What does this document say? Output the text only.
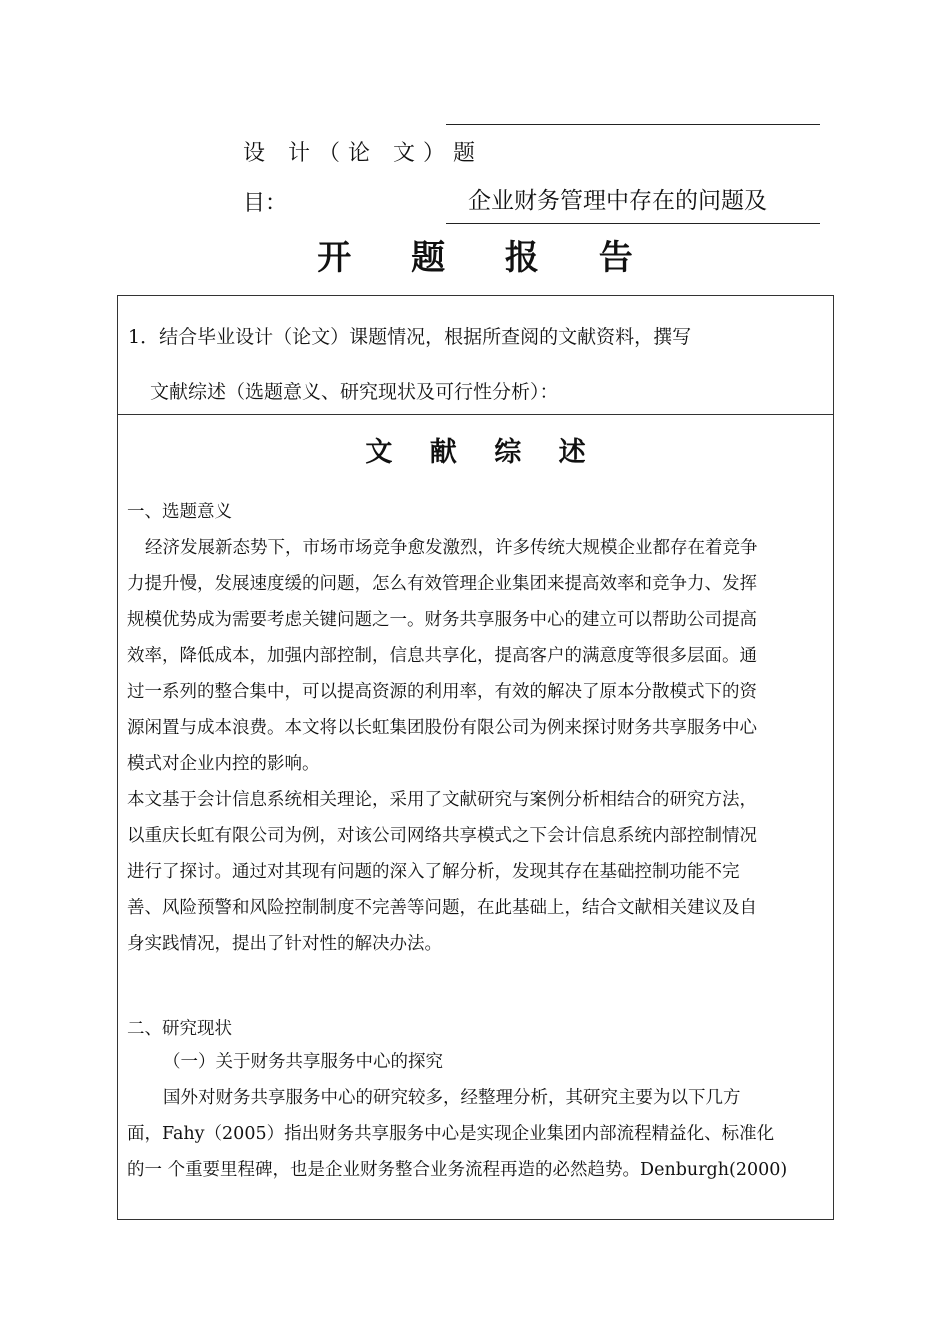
设 计（论 文）题
目：	企业财务管理中存在的问题及
开 题 报 告
1．结合毕业设计（论文）课题情况，根据所查阅的文献资料，撰写
文献综述（选题意义、研究现状及可行性分析）：
文 献 综 述
一、选题意义
经济发展新态势下，市场市场竞争愈发激烈，许多传统大规模企业都存在着竞争
力提升慢，发展速度缓的问题，怎么有效管理企业集团来提高效率和竞争力、发挥
规模优势成为需要考虑关键问题之一。财务共享服务中心的建立可以帮助公司提高
效率，降低成本，加强内部控制，信息共享化，提高客户的满意度等很多层面。通
过一系列的整合集中，可以提高资源的利用率，有效的解决了原本分散模式下的资
源闲置与成本浪费。本文将以长虹集团股份有限公司为例来探讨财务共享服务中心
模式对企业内控的影响。
本文基于会计信息系统相关理论，采用了文献研究与案例分析相结合的研究方法，
以重庆长虹有限公司为例，对该公司网络共享模式之下会计信息系统内部控制情况
进行了探讨。通过对其现有问题的深入了解分析，发现其存在基础控制功能不完
善、风险预警和风险控制制度不完善等问题，在此基础上，结合文献相关建议及自
身实践情况，提出了针对性的解决办法。
二、研究现状
（一）关于财务共享服务中心的探究
国外对财务共享服务中心的研究较多，经整理分析，其研究主要为以下几方
面，Fahy（2005）指出财务共享服务中心是实现企业集团内部流程精益化、标准化
的一 个重要里程碑，也是企业财务整合业务流程再造的必然趋势。Denburgh(2000)
